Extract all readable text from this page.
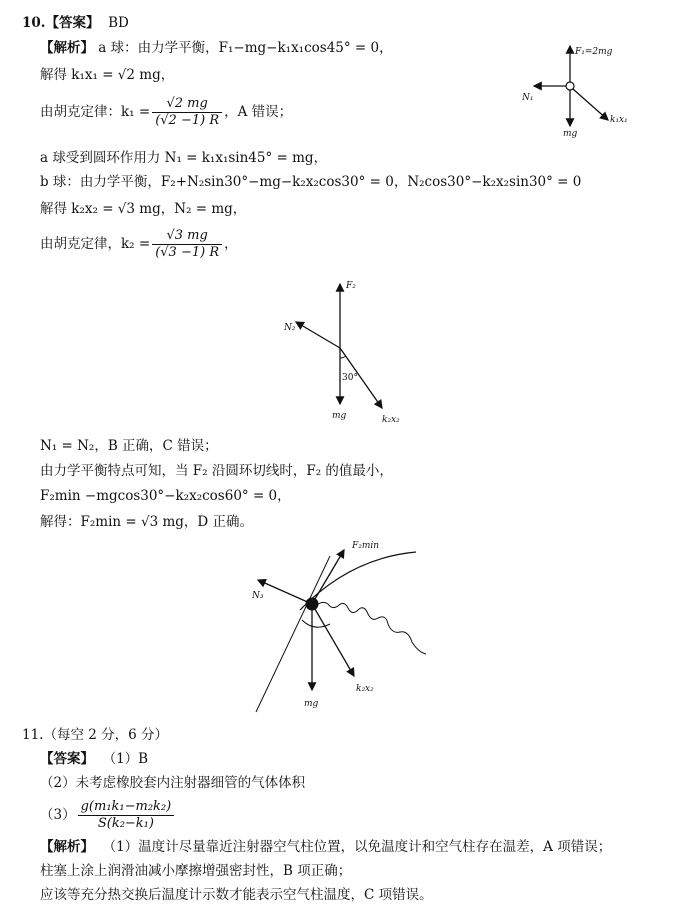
10.【答案】 BD
【解析】 a 球：由力学平衡，F₁−mg−k₁x₁cos45° = 0，
解得 k₁x₁ = √2 mg，
由胡克定律：$k_1 = \frac{√2 mg}{(√2 -1) R}$ ，A 错误；
a 球受到圆环作用力 N₁ = k₁x₁sin45° = mg，
b 球：由力学平衡，F₂+N₂sin30°−mg−k₂x₂cos30° = 0，N₂cos30°−k₂x₂sin30° = 0
解得 k₂x₂ = √3 mg，N₂ = mg，
由胡克定律，$k_2 = \frac{√3 mg}{(√3 -1) R}$ ，
F₁=2mg
N₁
mg
k₁x₁
F₂
N₂
30°
mg	k₂x₂
N₁ = N₂，B 正确，C 错误；
由力学平衡特点可知，当 F₂ 沿圆环切线时，F₂ 的值最小，
F₂min −mgcos30°−k₂x₂cos60° = 0，
解得：F₂min = √3 mg，D 正确。
F₂min
N₃
mg
k₂x₂
11.（每空 2 分，6 分）
【答案】 （1）B
（2）未考虑橡胶套内注射器细管的气体体积
$(3) \frac{\text{g(m₁k₁−m₂k₂)}}{\text{S(k₂−k₁)}}$
【解析】 （1）温度计尽量靠近注射器空气柱位置，以免温度计和空气柱存在温差，A 项错误；
柱塞上涂上润滑油减小摩擦增强密封性，B 项正确；
应该等充分热交换后温度计示数才能表示空气柱温度，C 项错误。
